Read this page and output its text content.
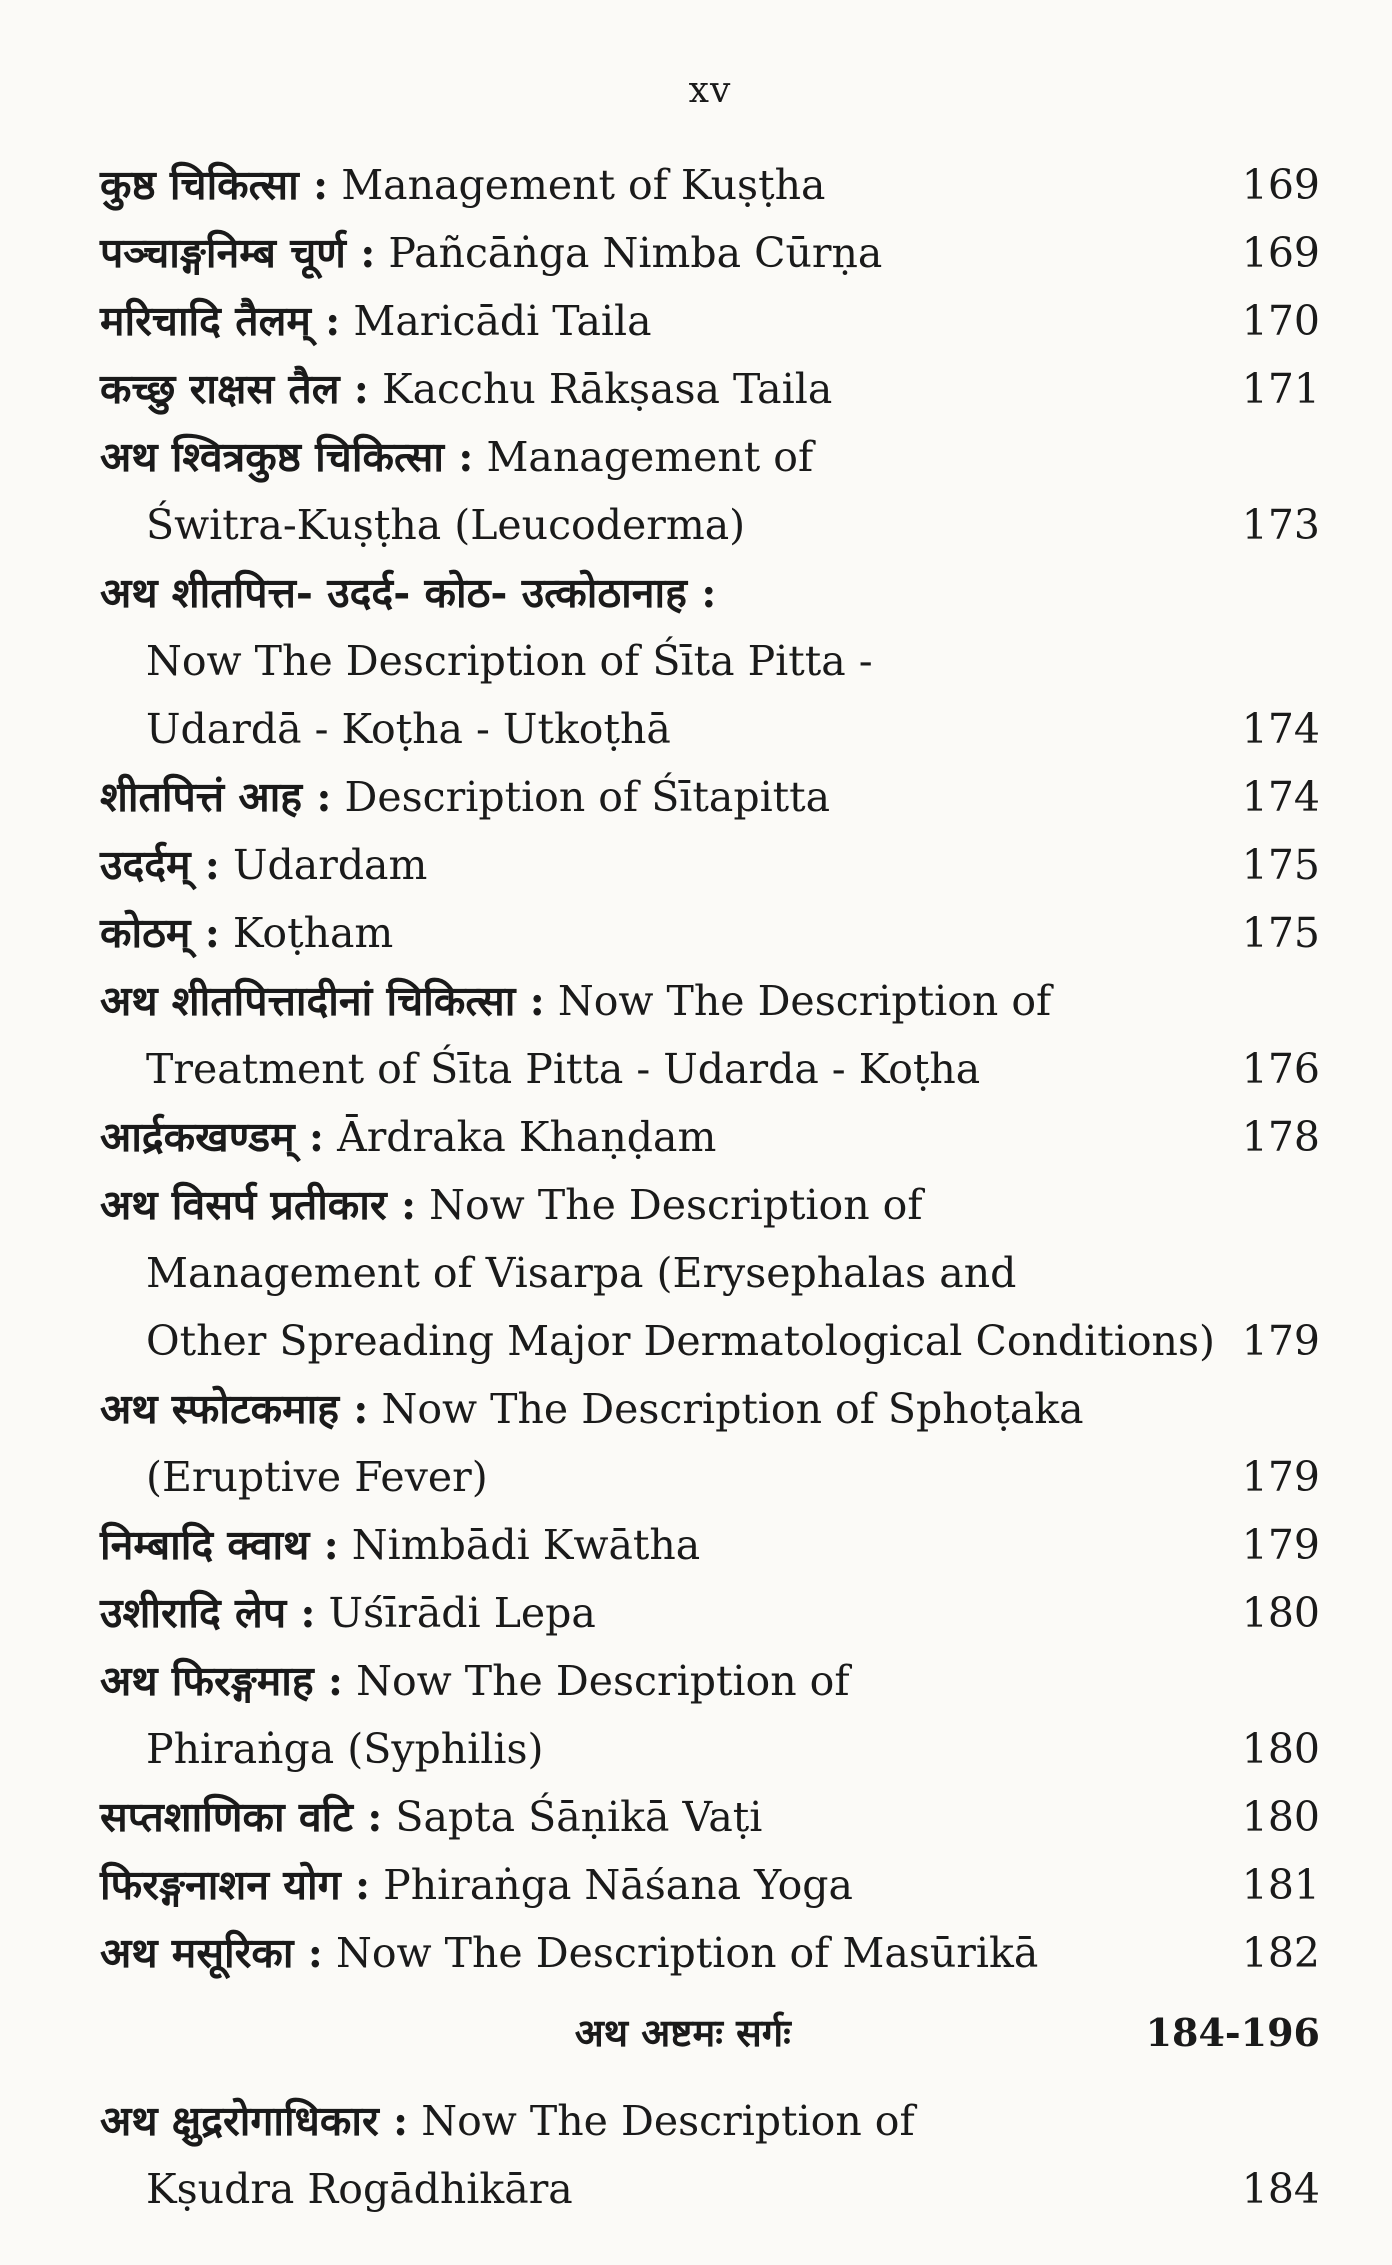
xv
कुष्ठ चिकित्सा : Management of Kuṣṭha	169
पञ्चाङ्गनिम्ब चूर्ण : Pañcāṅga Nimba Cūrṇa	169
मरिचादि तैलम् : Maricādi Taila	170
कच्छु राक्षस तैल : Kacchu Rākṣasa Taila	171
अथ श्वित्रकुष्ठ चिकित्सा : Management of
Świtra-Kuṣṭha (Leucoderma)	173
अथ शीतपित्त- उदर्द- कोठ- उत्कोठानाह :
Now The Description of Śīta Pitta -
Udardā - Koṭha - Utkoṭhā	174
शीतपित्तं आह : Description of Śītapitta	174
उदर्दम् : Udardam	175
कोठम् : Koṭham	175
अथ शीतपित्तादीनां चिकित्सा : Now The Description of
Treatment of Śīta Pitta - Udarda - Koṭha	176
आर्द्रकखण्डम् : Ārdraka Khaṇḍam	178
अथ विसर्प प्रतीकार : Now The Description of
Management of Visarpa (Erysephalas and
Other Spreading Major Dermatological Conditions) 179
अथ स्फोटकमाह : Now The Description of Sphoṭaka
(Eruptive Fever)	179
निम्बादि क्वाथ : Nimbādi Kwātha	179
उशीरादि लेप : Uśīrādi Lepa	180
अथ फिरङ्गमाह : Now The Description of
Phiraṅga (Syphilis)	180
सप्तशाणिका वटि : Sapta Śāṇikā Vaṭi	180
फिरङ्गनाशन योग : Phiraṅga Nāśana Yoga	181
अथ मसूरिका : Now The Description of Masūrikā	182
अथ अष्टमः सर्गः	184-196
अथ क्षुद्ररोगाधिकार : Now The Description of
Kṣudra Rogādhikāra	184
